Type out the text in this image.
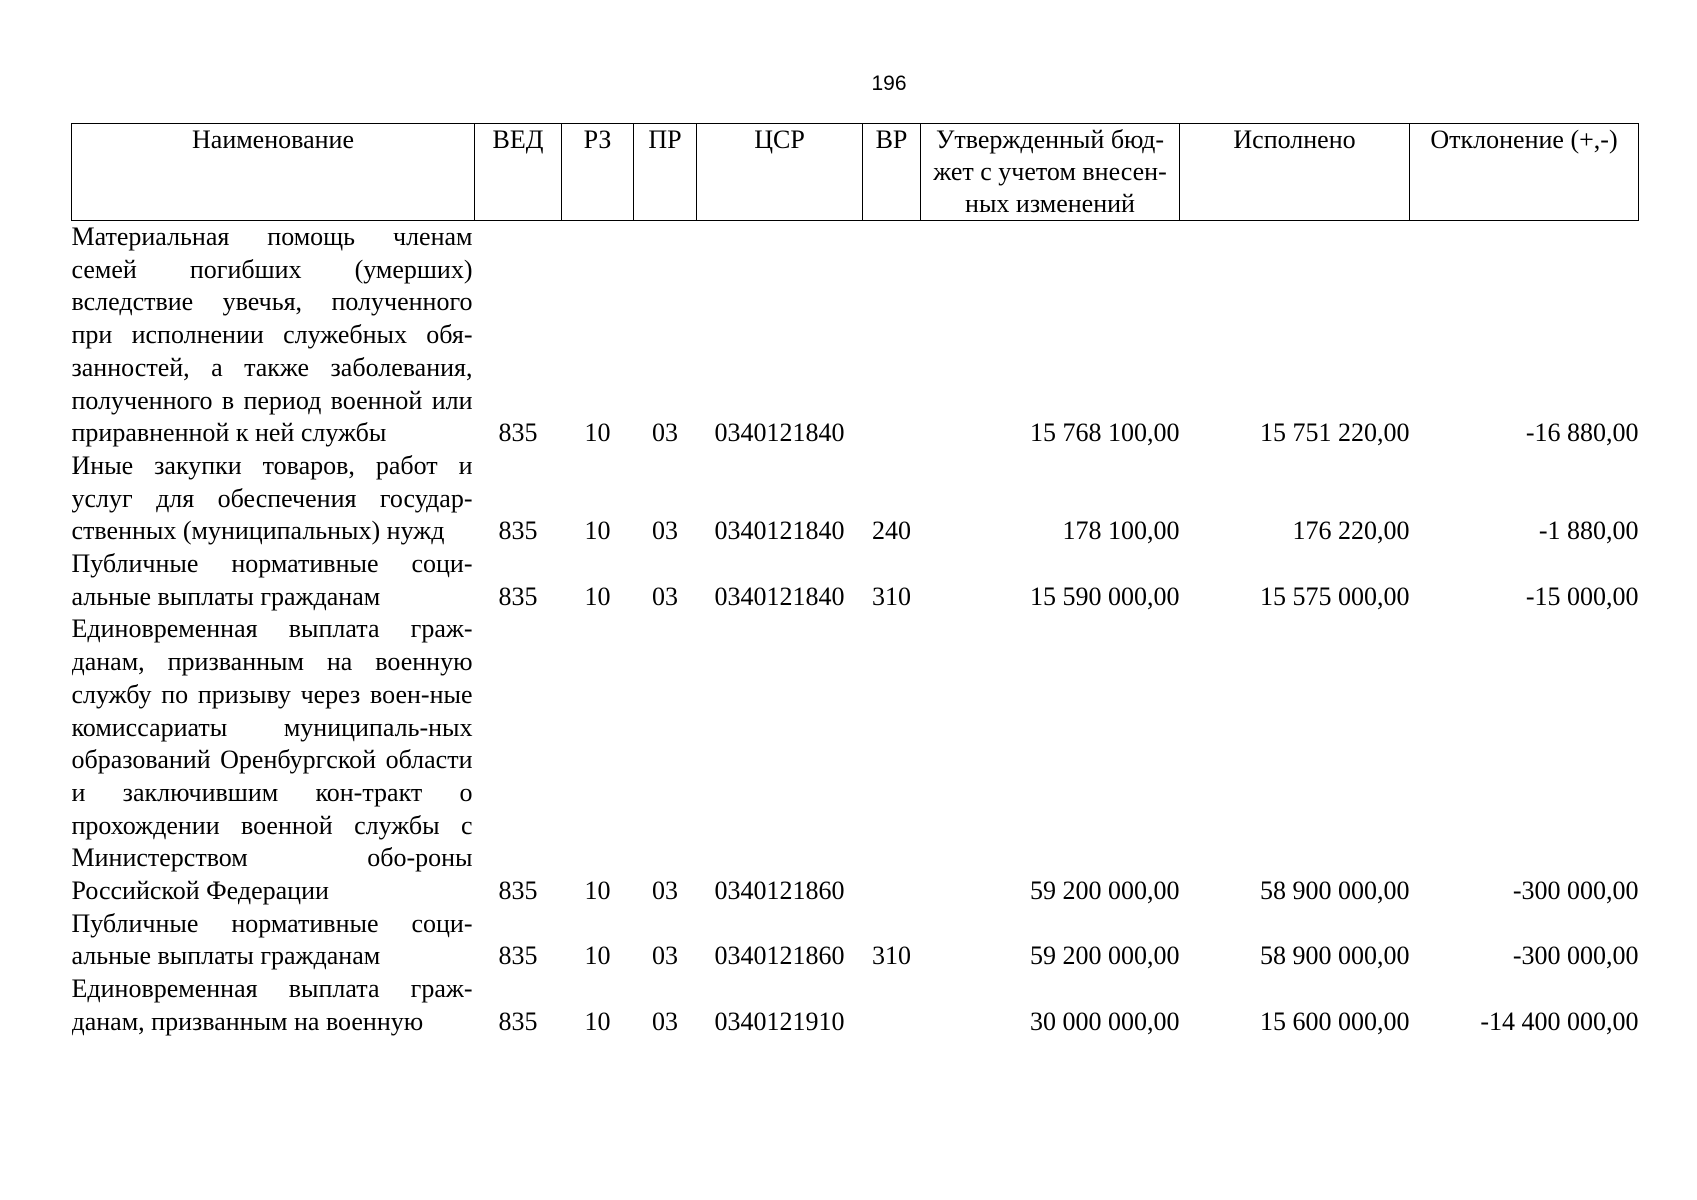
196
Наименование	ВЕД	РЗ	ПР	ЦСР	ВР	Утвержденный бюд-жет с учетом внесен-ных изменений	Исполнено	Отклонение (+,-)
Материальная помощь членам семей погибших (умерших) вследствие увечья, полученного при исполнении служебных обя-занностей, а также заболевания, полученного в период военной или приравненной к ней службы	835	10	03	0340121840		15 768 100,00	15 751 220,00	-16 880,00
Иные закупки товаров, работ и услуг для обеспечения государ-ственных (муниципальных) нужд	835	10	03	0340121840	240	178 100,00	176 220,00	-1 880,00
Публичные нормативные соци-альные выплаты гражданам	835	10	03	0340121840	310	15 590 000,00	15 575 000,00	-15 000,00
Единовременная выплата граж-данам, призванным на военную службу по призыву через воен-ные комиссариаты муниципаль-ных образований Оренбургской области и заключившим кон-тракт о прохождении военной службы с Министерством обо-роны Российской Федерации	835	10	03	0340121860		59 200 000,00	58 900 000,00	-300 000,00
Публичные нормативные соци-альные выплаты гражданам	835	10	03	0340121860	310	59 200 000,00	58 900 000,00	-300 000,00
Единовременная выплата граж-данам, призванным на военную	835	10	03	0340121910		30 000 000,00	15 600 000,00	-14 400 000,00
